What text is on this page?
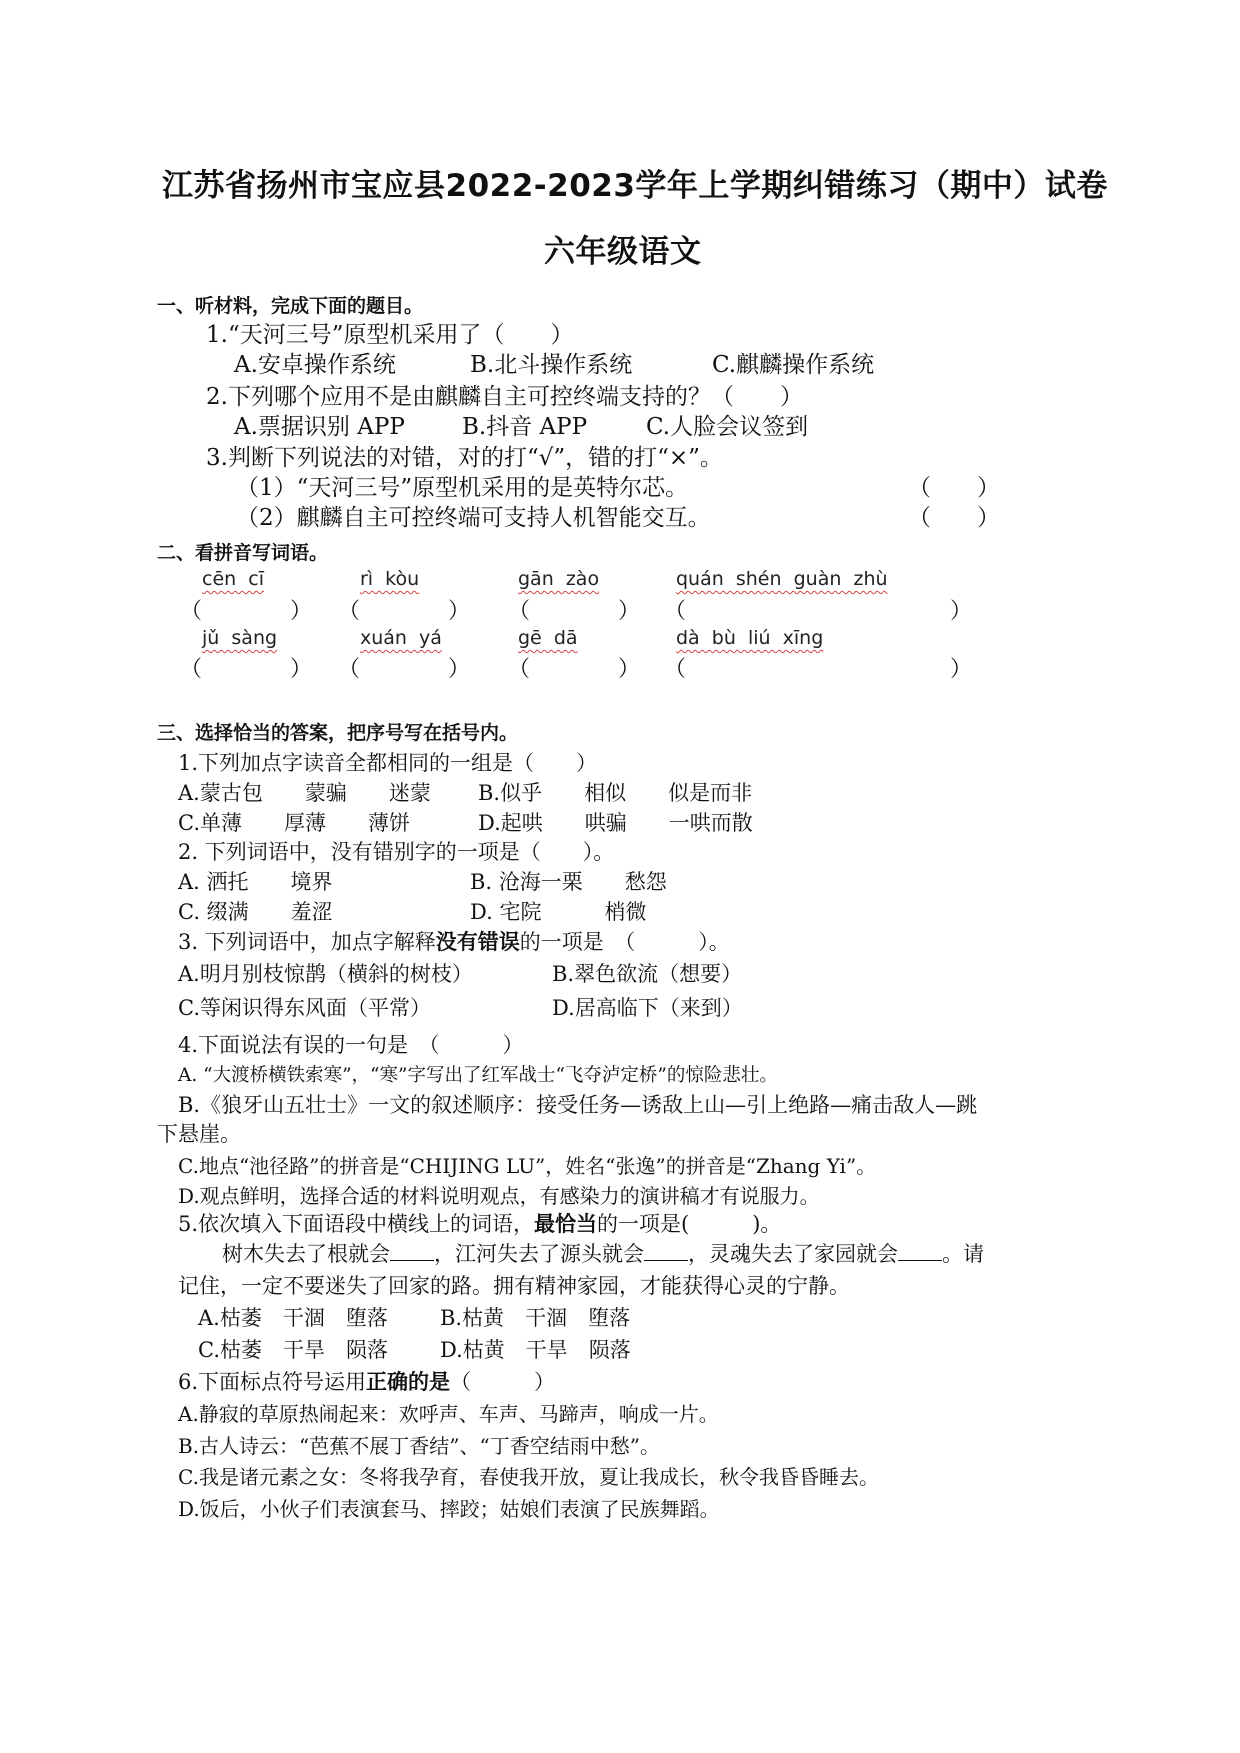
江苏省扬州市宝应县2022-2023学年上学期纠错练习（期中）试卷
六年级语文
一、听材料，完成下面的题目。
1.“天河三号”原型机采用了（　　）
A.安卓操作系统	B.北斗操作系统	C.麒麟操作系统
2.下列哪个应用不是由麒麟自主可控终端支持的？（　　）
A.票据识别 APP B.抖音 APP	C.人脸会议签到
3.判断下列说法的对错，对的打“√”，错的打“×”。
（1）“天河三号”原型机采用的是英特尔芯。	（　　）
（2）麒麟自主可控终端可支持人机智能交互。	（　　）
二、看拼音写词语。
cēn  cī	rì  kòu	gān  zào	quán  shén  guàn  zhù
（　　　　） （　　　　） （　　　　） （　　　　　　　　　　　　）
jǔ  sàng	xuán  yá	gē  dā	dà  bù  liú  xīng
（　　　　） （　　　　） （　　　　） （　　　　　　　　　　　　）
三、选择恰当的答案，把序号写在括号内。
1.下列加点字读音全都相同的一组是（　　）
A.蒙古包　　蒙骗　　迷蒙 B.似乎　　相似　　似是而非
C.单薄　　厚薄　　薄饼	D.起哄　　哄骗　　一哄而散
2. 下列词语中，没有错别字的一项是（　　）。
A. 洒托　　境界	B. 沧海一栗　　愁怨
C. 缀满　　羞涩	D. 宅院　　　梢微
3. 下列词语中，加点字解释没有错误的一项是　（　　　）。
A.明月别枝惊鹊（横斜的树枝）	B.翠色欲流（想要）
C.等闲识得东风面（平常）	D.居高临下（来到）
4.下面说法有误的一句是　（　　　）
A. “大渡桥横铁索寒”，“寒”字写出了红军战士“飞夺泸定桥”的惊险悲壮。
B.《狼牙山五壮士》一文的叙述顺序：接受任务—诱敌上山—引上绝路—痛击敌人—跳
下悬崖。
C.地点“池径路”的拼音是“CHIJING LU”，姓名“张逸”的拼音是“Zhang Yi”。
D.观点鲜明，选择合适的材料说明观点，有感染力的演讲稿才有说服力。
5.依次填入下面语段中横线上的词语，最恰当的一项是(　　　)。
树木失去了根就会 ，江河失去了源头就会 ，灵魂失去了家园就会 。请
记住，一定不要迷失了回家的路。拥有精神家园，才能获得心灵的宁静。
A.枯萎　干涸　堕落 B.枯黄　干涸　堕落
C.枯萎　干旱　陨落 D.枯黄　干旱　陨落
6.下面标点符号运用正确的是（　　　）
A.静寂的草原热闹起来：欢呼声、车声、马蹄声，响成一片。
B.古人诗云：“芭蕉不展丁香结”、“丁香空结雨中愁”。
C.我是诸元素之女：冬将我孕育，春使我开放，夏让我成长，秋令我昏昏睡去。
D.饭后，小伙子们表演套马、摔跤；姑娘们表演了民族舞蹈。
